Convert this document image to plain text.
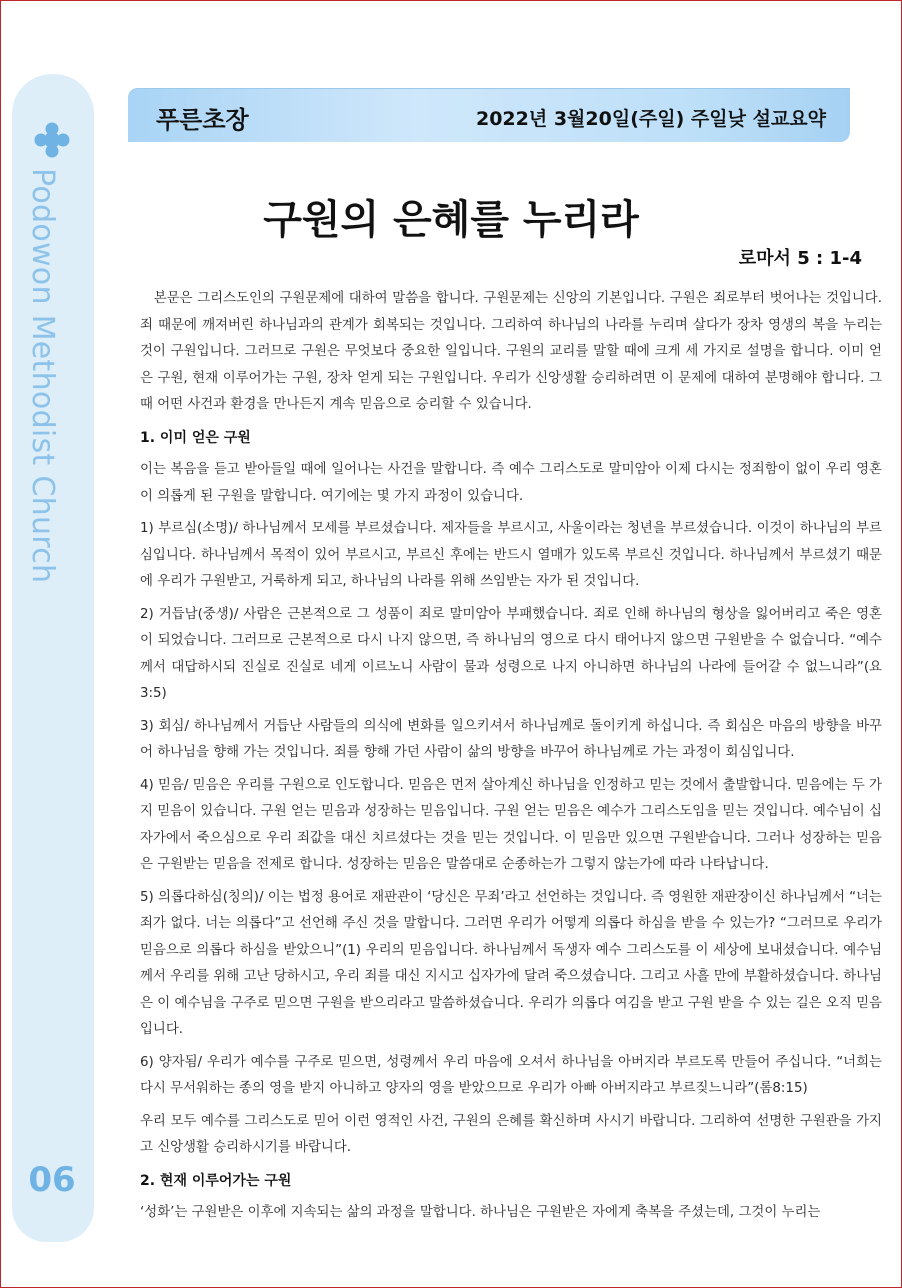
Podowon Methodist Church
06
푸른초장	2022년 3월20일(주일) 주일낮 설교요약
구원의 은혜를 누리라
로마서 5 : 1-4

　본문은 그리스도인의 구원문제에 대하여 말씀을 합니다. 구원문제는 신앙의 기본입니다. 구원은 죄로부터 벗어나는 것입니다. 죄 때문에 깨져버린 하나님과의 관계가 회복되는 것입니다. 그리하여 하나님의 나라를 누리며 살다가 장차 영생의 복을 누리는 것이 구원입니다. 그러므로 구원은 무엇보다 중요한 일입니다. 구원의 교리를 말할 때에 크게 세 가지로 설명을 합니다. 이미 얻은 구원, 현재 이루어가는 구원, 장차 얻게 되는 구원입니다. 우리가 신앙생활 승리하려면 이 문제에 대하여 분명해야 합니다. 그때 어떤 사건과 환경을 만나든지 계속 믿음으로 승리할 수 있습니다.

1. 이미 얻은 구원

이는 복음을 듣고 받아들일 때에 일어나는 사건을 말합니다. 즉 예수 그리스도로 말미암아 이제 다시는 정죄함이 없이 우리 영혼이 의롭게 된 구원을 말합니다. 여기에는 몇 가지 과정이 있습니다.

1) 부르심(소명)/ 하나님께서 모세를 부르셨습니다. 제자들을 부르시고, 사울이라는 청년을 부르셨습니다. 이것이 하나님의 부르심입니다. 하나님께서 목적이 있어 부르시고, 부르신 후에는 반드시 열매가 있도록 부르신 것입니다. 하나님께서 부르셨기 때문에 우리가 구원받고, 거룩하게 되고, 하나님의 나라를 위해 쓰임받는 자가 된 것입니다.

2) 거듭남(중생)/ 사람은 근본적으로 그 성품이 죄로 말미암아 부패했습니다. 죄로 인해 하나님의 형상을 잃어버리고 죽은 영혼이 되었습니다. 그러므로 근본적으로 다시 나지 않으면, 즉 하나님의 영으로 다시 태어나지 않으면 구원받을 수 없습니다. “예수께서 대답하시되 진실로 진실로 네게 이르노니 사람이 물과 성령으로 나지 아니하면 하나님의 나라에 들어갈 수 없느니라”(요3:5)

3) 회심/ 하나님께서 거듭난 사람들의 의식에 변화를 일으키셔서 하나님께로 돌이키게 하십니다. 즉 회심은 마음의 방향을 바꾸어 하나님을 향해 가는 것입니다. 죄를 향해 가던 사람이 삶의 방향을 바꾸어 하나님께로 가는 과정이 회심입니다.

4) 믿음/ 믿음은 우리를 구원으로 인도합니다. 믿음은 먼저 살아계신 하나님을 인정하고 믿는 것에서 출발합니다. 믿음에는 두 가지 믿음이 있습니다. 구원 얻는 믿음과 성장하는 믿음입니다. 구원 얻는 믿음은 예수가 그리스도임을 믿는 것입니다. 예수님이 십자가에서 죽으심으로 우리 죄값을 대신 치르셨다는 것을 믿는 것입니다. 이 믿음만 있으면 구원받습니다. 그러나 성장하는 믿음은 구원받는 믿음을 전제로 합니다. 성장하는 믿음은 말씀대로 순종하는가 그렇지 않는가에 따라 나타납니다.

5) 의롭다하심(칭의)/ 이는 법정 용어로 재판관이 ‘당신은 무죄’라고 선언하는 것입니다. 즉 영원한 재판장이신 하나님께서 “너는 죄가 없다. 너는 의롭다”고 선언해 주신 것을 말합니다. 그러면 우리가 어떻게 의롭다 하심을 받을 수 있는가? “그러므로 우리가 믿음으로 의롭다 하심을 받았으니”(1) 우리의 믿음입니다. 하나님께서 독생자 예수 그리스도를 이 세상에 보내셨습니다. 예수님께서 우리를 위해 고난 당하시고, 우리 죄를 대신 지시고 십자가에 달려 죽으셨습니다. 그리고 사흘 만에 부활하셨습니다. 하나님은 이 예수님을 구주로 믿으면 구원을 받으리라고 말씀하셨습니다. 우리가 의롭다 여김을 받고 구원 받을 수 있는 길은 오직 믿음입니다.

6) 양자됨/ 우리가 예수를 구주로 믿으면, 성령께서 우리 마음에 오셔서 하나님을 아버지라 부르도록 만들어 주십니다. “너희는 다시 무서워하는 종의 영을 받지 아니하고 양자의 영을 받았으므로 우리가 아빠 아버지라고 부르짖느니라”(롬8:15)

우리 모두 예수를 그리스도로 믿어 이런 영적인 사건, 구원의 은혜를 확신하며 사시기 바랍니다. 그리하여 선명한 구원관을 가지고 신앙생활 승리하시기를 바랍니다.

2. 현재 이루어가는 구원

‘성화’는 구원받은 이후에 지속되는 삶의 과정을 말합니다. 하나님은 구원받은 자에게 축복을 주셨는데, 그것이 누리는
